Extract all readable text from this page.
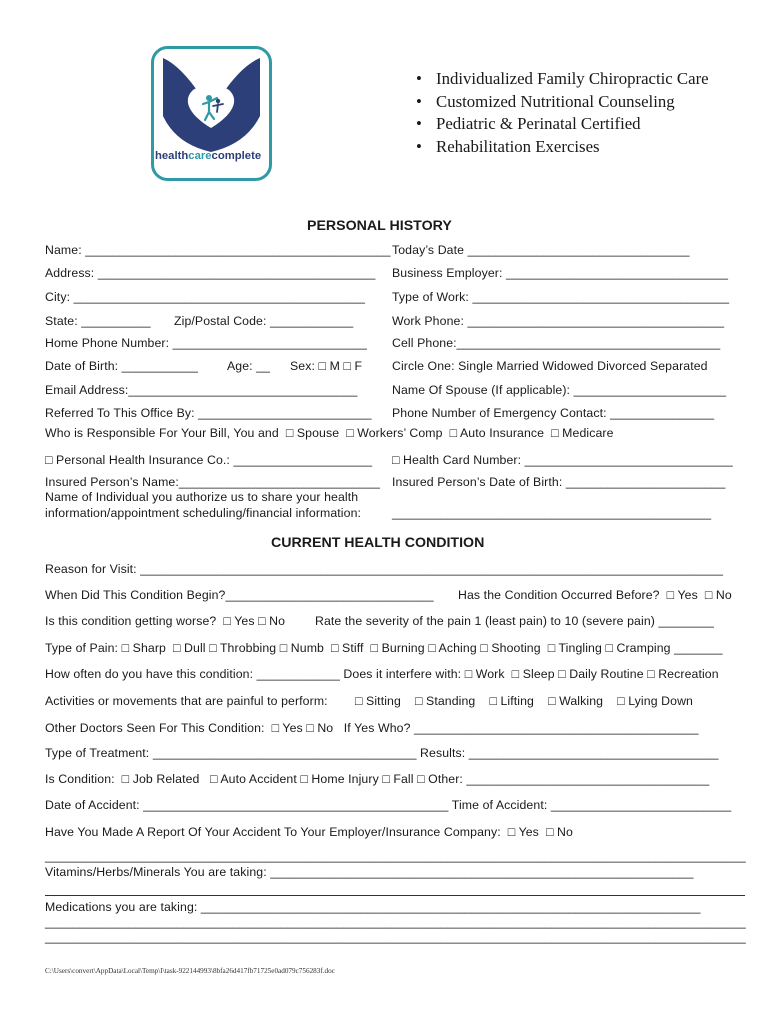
healthcarecomplete
• Individualized Family Chiropractic Care
• Customized Nutritional Counseling
• Pediatric & Perinatal Certified
• Rehabilitation Exercises
PERSONAL HISTORY
Name: ____________________________________________ Today’s Date ________________________________
Address: ________________________________________ Business Employer: ________________________________
City: __________________________________________ Type of Work: _____________________________________
State: __________ Zip/Postal Code: ____________	Work Phone: _____________________________________
Home Phone Number: ____________________________ Cell Phone:______________________________________
Date of Birth: ___________ Age: __ Sex: □ M □ F Circle One: Single Married Widowed Divorced Separated
Email Address:_________________________________	Name Of Spouse (If applicable): ______________________
Referred To This Office By: _________________________ Phone Number of Emergency Contact: _______________
Who is Responsible For Your Bill, You and  □ Spouse  □ Workers’ Comp  □ Auto Insurance  □ Medicare
□ Personal Health Insurance Co.: ____________________ □ Health Card Number: ______________________________
Insured Person’s Name:_____________________________ Insured Person’s Date of Birth: _______________________
Name of Individual you authorize us to share your health
information/appointment scheduling/financial information:	______________________________________________
CURRENT HEALTH CONDITION
Reason for Visit: ____________________________________________________________________________________
When Did This Condition Begin?______________________________ Has the Condition Occurred Before?  □ Yes  □ No
Is this condition getting worse?  □ Yes □ No Rate the severity of the pain 1 (least pain) to 10 (severe pain) ________
Type of Pain: □ Sharp  □ Dull □ Throbbing □ Numb  □ Stiff  □ Burning □ Aching □ Shooting  □ Tingling □ Cramping _______
How often do you have this condition: ____________ Does it interfere with: □ Work  □ Sleep □ Daily Routine □ Recreation
Activities or movements that are painful to perform: □ Sitting    □ Standing    □ Lifting    □ Walking    □ Lying Down
Other Doctors Seen For This Condition:  □ Yes □ No   If Yes Who? _________________________________________
Type of Treatment: ______________________________________ Results: ____________________________________
Is Condition:  □ Job Related   □ Auto Accident □ Home Injury □ Fall □ Other: ___________________________________
Date of Accident: ____________________________________________ Time of Accident: __________________________
Have You Made A Report Of Your Accident To Your Employer/Insurance Company:  □ Yes  □ No
_____________________________________________________________________________________________________
Vitamins/Herbs/Minerals You are taking: _____________________________________________________________
Medications you are taking: ________________________________________________________________________
_____________________________________________________________________________________________________
_____________________________________________________________________________________________________
C:\Users\convert\AppData\Local\Temp\I\task-922144993\8bfa26d417fb71725e0ad079c756283f.doc
